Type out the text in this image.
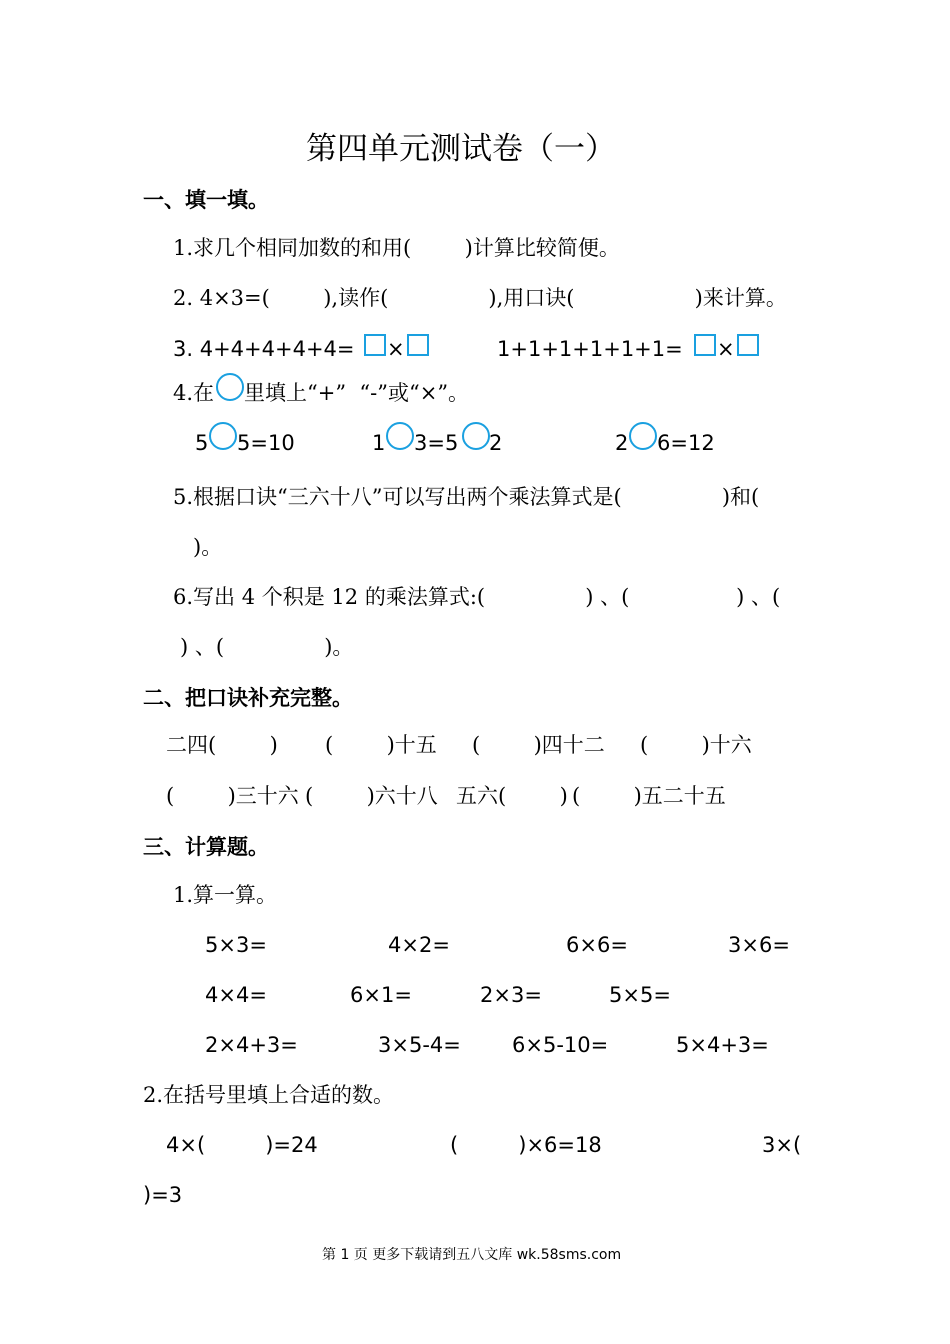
第四单元测试卷（一）
一、填一填。
1.求几个相同加数的和用(        )计算比较简便。
2. 4×3=(        ),读作(               ),用口诀(                  )来计算。
3. 4+4+4+4+4= ×	1+1+1+1+1+1= ×
4.在 里填上“+”  “-”或“×”。
5 5=10	1 3=5 2	2 6=12
5.根据口诀“三六十八”可以写出两个乘法算式是(               )和(
)。
6.写出 4 个积是 12 的乘法算式:(               ) 、(                ) 、(
) 、(               )。
二、把口诀补充完整。
二四(        ) (        )十五 (        )四十二 (        )十六
(        )三十六 (        )六十八 五六(        ) (        )五二十五
三、计算题。
1.算一算。
5×3=	4×2=	6×6=	3×6=
4×4=	6×1=	2×3=	5×5=
2×4+3=	3×5-4= 6×5-10=	5×4+3=
2.在括号里填上合适的数。
4×(         )=24	(         )×6=18	3×(
)=3
第 1 页 更多下载请到五八文库 wk.58sms.com
